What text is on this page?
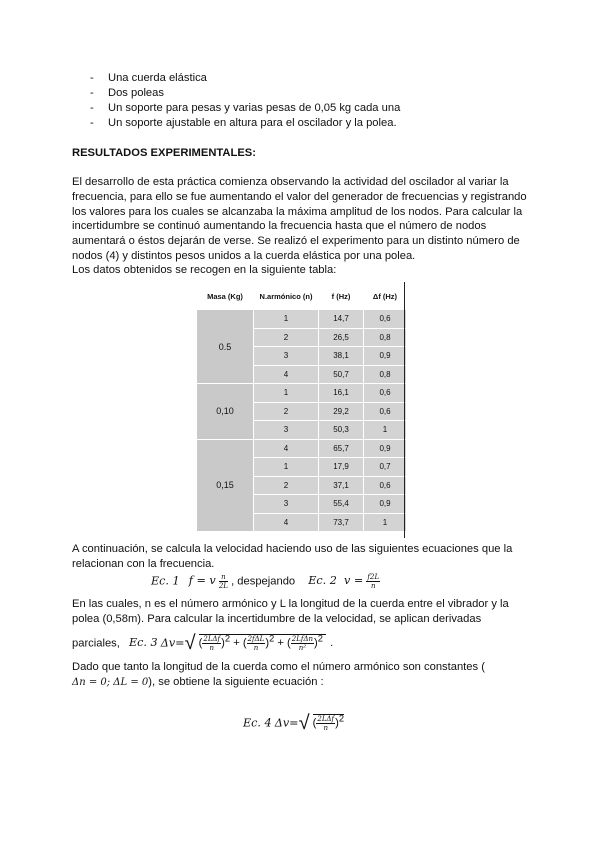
- Una cuerda elástica
- Dos poleas
- Un soporte para pesas y varias pesas de 0,05 kg cada una
- Un soporte ajustable en altura para el oscilador y la polea.
RESULTADOS EXPERIMENTALES:
El desarrollo de esta práctica comienza observando la actividad del oscilador al variar la
frecuencia, para ello se fue aumentando el valor del generador de frecuencias y registrando
los valores para los cuales se alcanzaba la máxima amplitud de los nodos. Para calcular la
incertidumbre se continuó aumentando la frecuencia hasta que el número de nodos
aumentará o éstos dejarán de verse. Se realizó el experimento para un distinto número de
nodos (4) y distintos pesos unidos a la cuerda elástica por una polea.
Los datos obtenidos se recogen en la siguiente tabla:
Masa (Kg)	N.armónico (n)	f (Hz)	Δf (Hz)
0.5	1	14,7	0,6
	2	26,5	0,8
	3	38,1	0,9
	4	50,7	0,8
0,10	1	16,1	0,6
	2	29,2	0,6
	3	50,3	1
0,15	4	65,7	0,9
	1	17,9	0,7
	2	37,1	0,6
	3	55,4	0,9
	4	73,7	1
A continuación, se calcula la velocidad haciendo uso de las siguientes ecuaciones que la
relacionan con la frecuencia.
Ec. 1 f = v $\frac{n}{2L}$ , despejando Ec. 2 $v = \frac{f2L}{n}$
En las cuales, n es el número armónico y L la longitud de la cuerda entre el vibrador y la
polea (0,58m). Para calcular la incertidumbre de la velocidad, se aplican derivadas
parciales, Ec. 3 Δv=√ ( $\frac{\text{2LΔf}}{n} )^2$ + ( $\frac{\text{2fΔL}}{n} )^2$ + ( $\frac{\text{2LfΔn}}{\text{n²}} )^2$ .
Dado que tanto la longitud de la cuerda como el número armónico son constantes (
Δn = 0; ΔL = 0), se obtiene la siguiente ecuación :
Ec. 4 Δv=√ ( $\frac{\text{2LΔf}}{n} )^2$
